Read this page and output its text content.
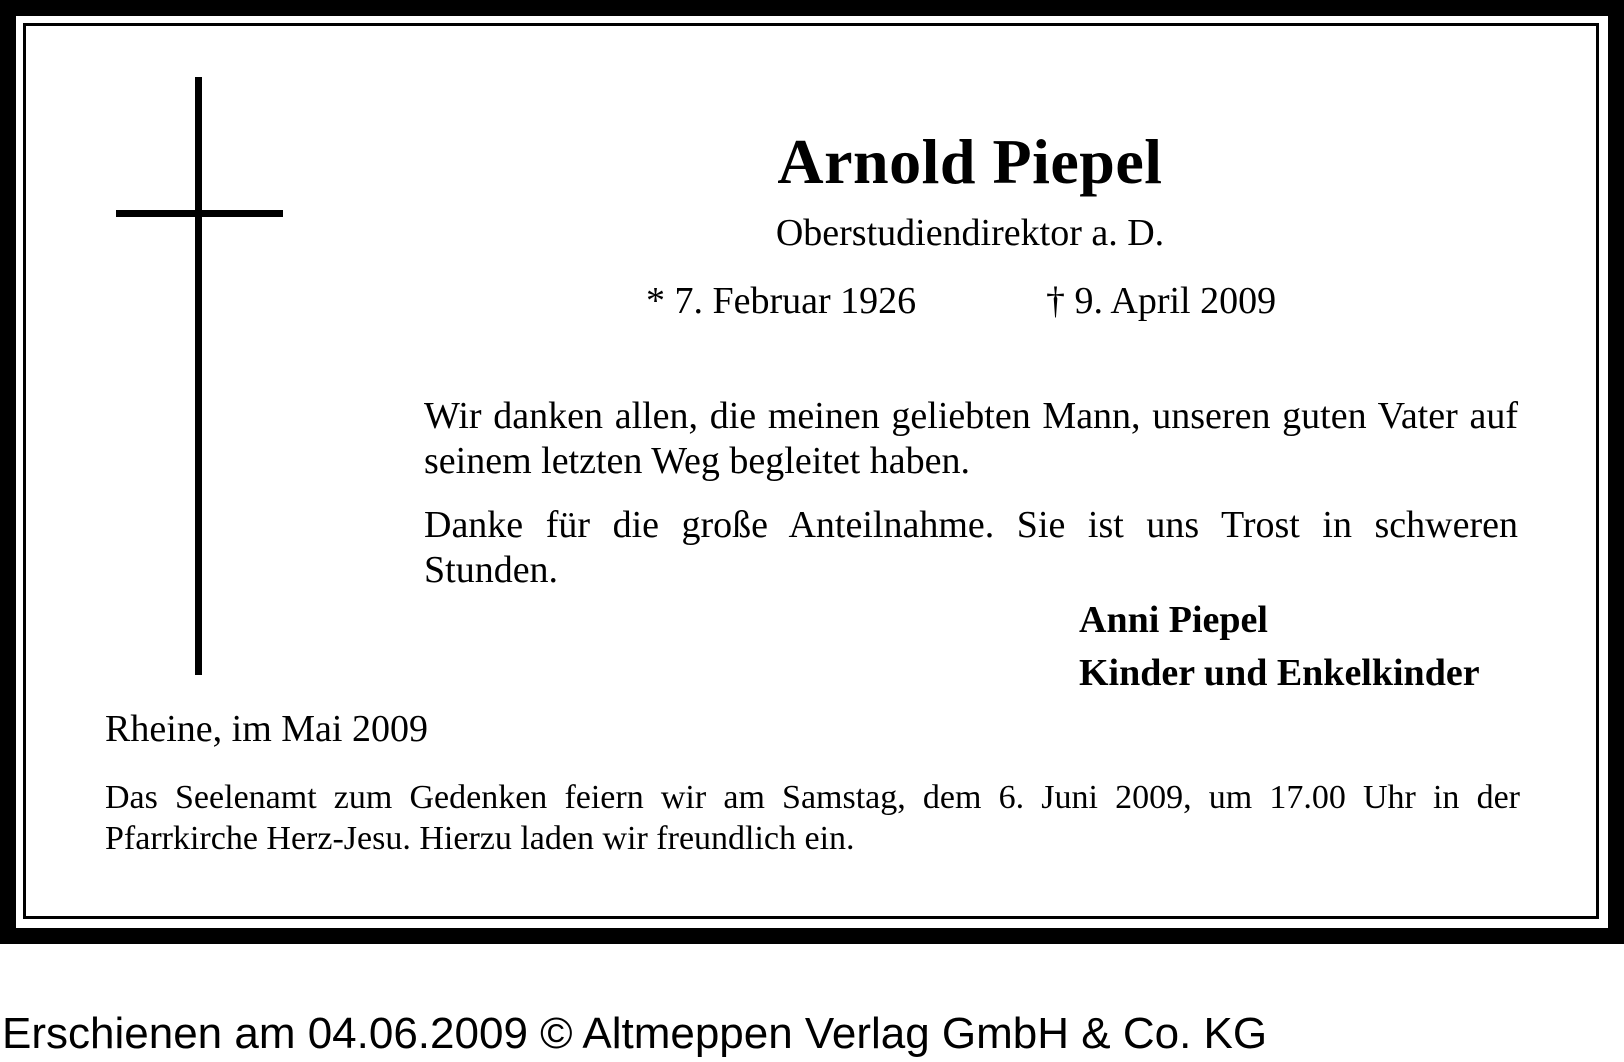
Arnold Piepel
Oberstudiendirektor a. D.
* 7. Februar 1926	† 9. April 2009
Wir danken allen, die meinen geliebten Mann, unseren guten Vater auf seinem letzten Weg begleitet haben.
Danke für die große Anteilnahme. Sie ist uns Trost in schweren Stunden.
Anni Piepel
Kinder und Enkelkinder
Rheine, im Mai 2009
Das Seelenamt zum Gedenken feiern wir am Samstag, dem 6. Juni 2009, um 17.00 Uhr in der Pfarrkirche Herz-Jesu. Hierzu laden wir freundlich ein.
Erschienen am 04.06.2009 © Altmeppen Verlag GmbH & Co. KG
